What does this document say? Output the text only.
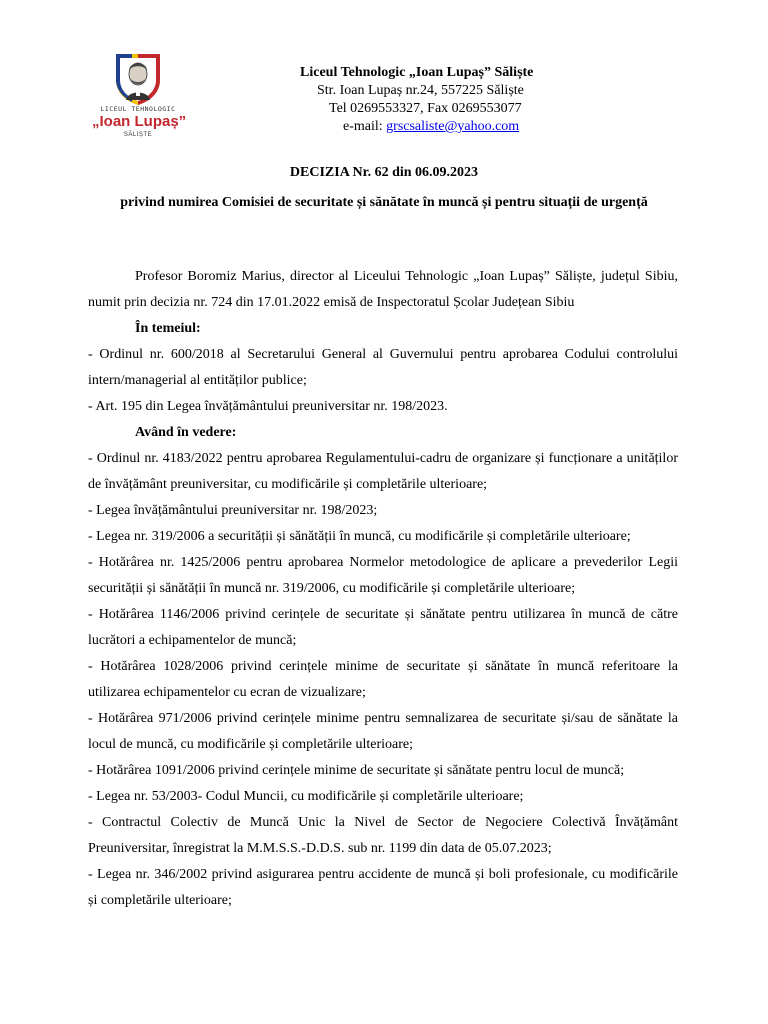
LICEUL TEHNOLOGIC
„Ioan Lupaș”
SĂLIȘTE
Liceul Tehnologic „Ioan Lupaș” Săliște
Str. Ioan Lupaș nr.24, 557225 Săliște
Tel 0269553327, Fax 0269553077
e-mail: grscsaliste@yahoo.com
DECIZIA Nr. 62 din 06.09.2023
privind numirea Comisiei de securitate și sănătate în muncă și pentru situații de urgență

Profesor Boromiz Marius, director al Liceului Tehnologic „Ioan Lupaș” Săliște, județul Sibiu, numit prin decizia nr. 724 din 17.01.2022 emisă de Inspectoratul Școlar Județean Sibiu

În temeiul:

- Ordinul nr. 600/2018 al Secretarului General al Guvernului pentru aprobarea Codului controlului intern/managerial al entităților publice;

- Art. 195 din Legea învățământului preuniversitar nr. 198/2023.

Având în vedere:

- Ordinul nr. 4183/2022 pentru aprobarea Regulamentului-cadru de organizare și funcționare a unităților de învățământ preuniversitar, cu modificările și completările ulterioare;

- Legea învățământului preuniversitar nr. 198/2023;

- Legea nr. 319/2006 a securității și sănătății în muncă, cu modificările și completările ulterioare;

- Hotărârea nr. 1425/2006 pentru aprobarea Normelor metodologice de aplicare a prevederilor Legii securității și sănătății în muncă nr. 319/2006, cu modificările și completările ulterioare;

- Hotărârea 1146/2006 privind cerințele de securitate și sănătate pentru utilizarea în muncă de către lucrători a echipamentelor de muncă;

- Hotărârea 1028/2006 privind cerințele minime de securitate și sănătate în muncă referitoare la utilizarea echipamentelor cu ecran de vizualizare;

- Hotărârea 971/2006 privind cerințele minime pentru semnalizarea de securitate și/sau de sănătate la locul de muncă, cu modificările și completările ulterioare;

- Hotărârea 1091/2006 privind cerințele minime de securitate și sănătate pentru locul de muncă;

- Legea nr. 53/2003- Codul Muncii, cu modificările și completările ulterioare;

- Contractul Colectiv de Muncă Unic la Nivel de Sector de Negociere Colectivă Învățământ Preuniversitar, înregistrat la M.M.S.S.-D.D.S. sub nr. 1199 din data de 05.07.2023;

- Legea nr. 346/2002 privind asigurarea pentru accidente de muncă și boli profesionale, cu modificările și completările ulterioare;
